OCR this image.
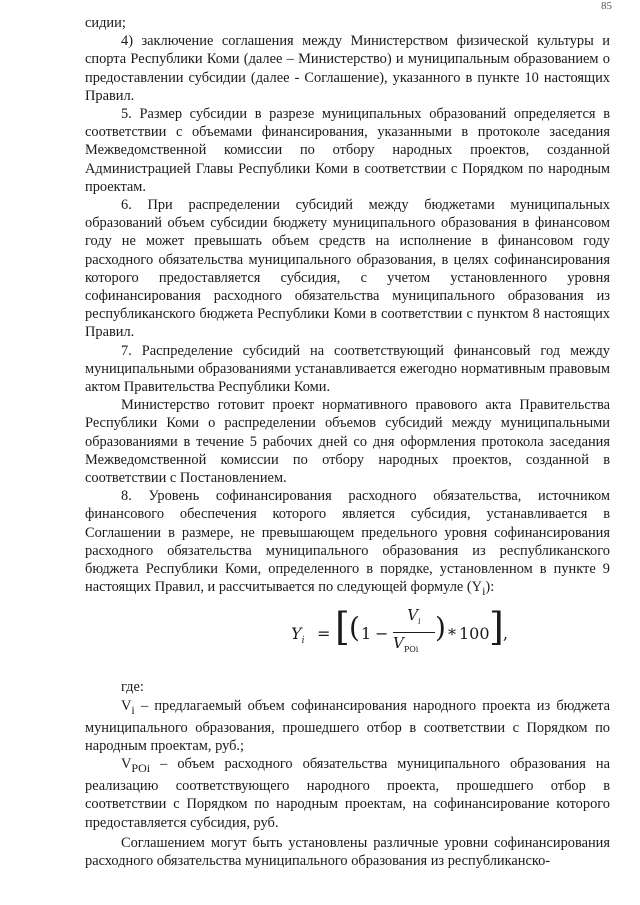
85

сидии;

4) заключение соглашения между Министерством физической культуры и спорта Республики Коми (далее – Министерство) и муниципальным образованием о предоставлении субсидии (далее - Соглашение), указанного в пункте 10 настоящих Правил.

5. Размер субсидии в разрезе муниципальных образований определяется в соответствии с объемами финансирования, указанными в протоколе заседания Межведомственной комиссии по отбору народных проектов, созданной Администрацией Главы Республики Коми в соответствии с Порядком по народным проектам.

6. При распределении субсидий между бюджетами муниципальных образований объем субсидии бюджету муниципального образования в финансовом году не может превышать объем средств на исполнение в финансовом году расходного обязательства муниципального образования, в целях софинансирования которого предоставляется субсидия, с учетом установленного уровня софинансирования расходного обязательства муниципального образования из республиканского бюджета Республики Коми в соответствии с пунктом 8 настоящих Правил.

7. Распределение субсидий на соответствующий финансовый год между муниципальными образованиями устанавливается ежегодно нормативным правовым актом Правительства Республики Коми.

Министерство готовит проект нормативного правового акта Правительства Республики Коми о распределении объемов субсидий между муниципальными образованиями в течение 5 рабочих дней со дня оформления протокола заседания Межведомственной комиссии по отбору народных проектов, созданной в соответствии с Постановлением.

8. Уровень софинансирования расходного обязательства, источником финансового обеспечения которого является субсидия, устанавливается в Соглашении в размере, не превышающем предельного уровня софинансирования расходного обязательства муниципального образования из республиканского бюджета Республики Коми, определенного в порядке, установленном в пункте 9 настоящих Правил, и рассчитывается по следующей формуле $(Y_i)$:

$Y_i$ = [ ( 1 −
$V_i$
$V_{POi}$
) * 100 ] ,

где:

$V_i$ – предлагаемый объем софинансирования народного проекта из бюджета муниципального образования, прошедшего отбор в соответствии с Порядком по народным проектам, руб.;

$V_{POi}$ – объем расходного обязательства муниципального образования на реализацию соответствующего народного проекта, прошедшего отбор в соответствии с Порядком по народным проектам, на софинансирование которого предоставляется субсидия, руб.

Соглашением могут быть установлены различные уровни софинансирования расходного обязательства муниципального образования из республиканско-
